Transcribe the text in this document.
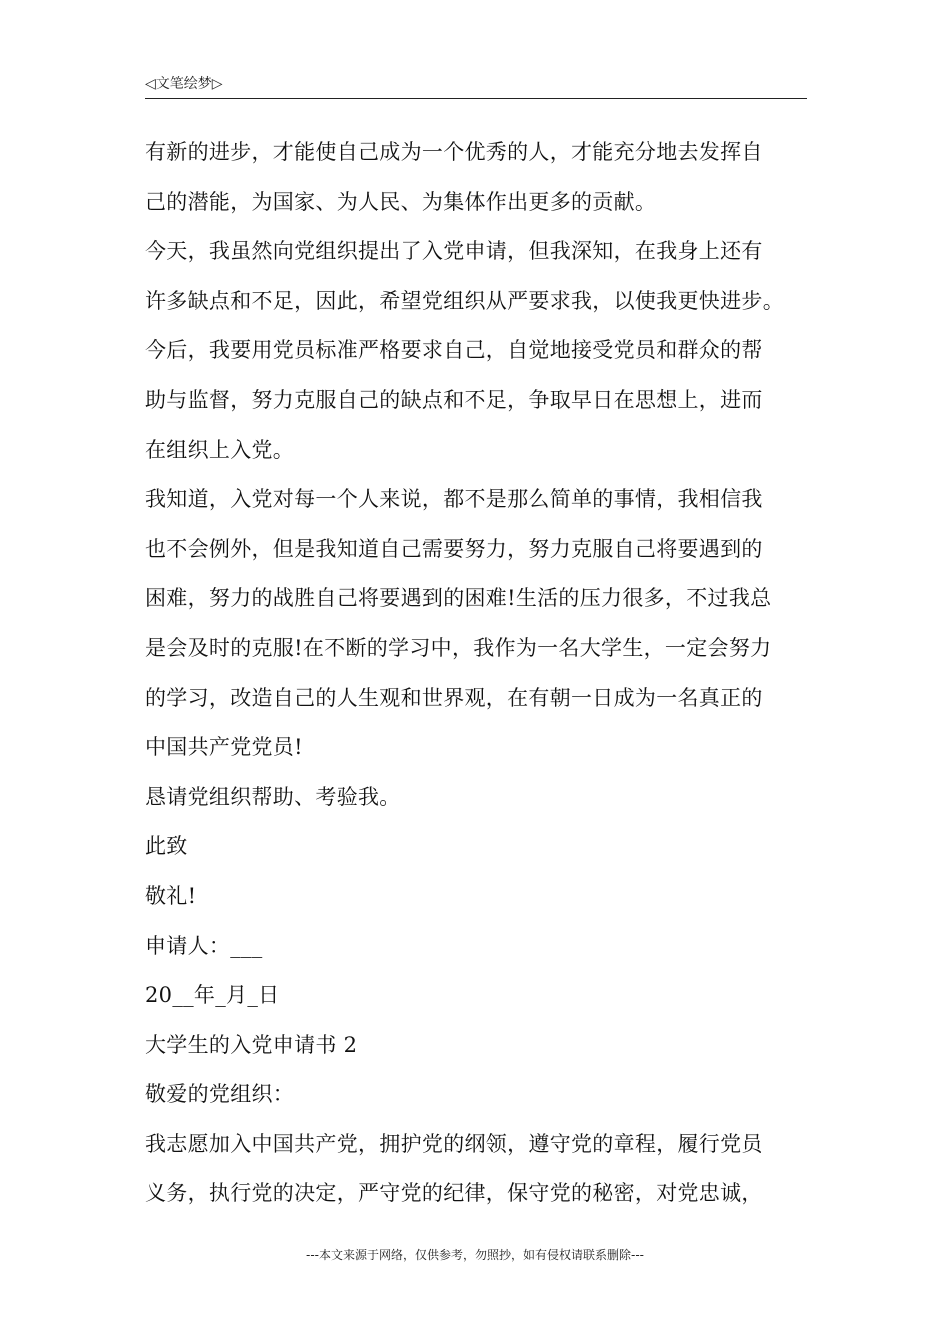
◁文笔绘梦▷
有新的进步，才能使自己成为一个优秀的人，才能充分地去发挥自
己的潜能，为国家、为人民、为集体作出更多的贡献。
今天，我虽然向党组织提出了入党申请，但我深知，在我身上还有
许多缺点和不足，因此，希望党组织从严要求我，以使我更快进步。
今后，我要用党员标准严格要求自己，自觉地接受党员和群众的帮
助与监督，努力克服自己的缺点和不足，争取早日在思想上，进而
在组织上入党。
我知道，入党对每一个人来说，都不是那么简单的事情，我相信我
也不会例外，但是我知道自己需要努力，努力克服自己将要遇到的
困难，努力的战胜自己将要遇到的困难!生活的压力很多，不过我总
是会及时的克服!在不断的学习中，我作为一名大学生，一定会努力
的学习，改造自己的人生观和世界观，在有朝一日成为一名真正的
中国共产党党员!
恳请党组织帮助、考验我。
此致
敬礼!
申请人：___
20__年_月_日
大学生的入党申请书 2
敬爱的党组织：
我志愿加入中国共产党，拥护党的纲领，遵守党的章程，履行党员
义务，执行党的决定，严守党的纪律，保守党的秘密，对党忠诚，
---本文来源于网络，仅供参考，勿照抄，如有侵权请联系删除---
